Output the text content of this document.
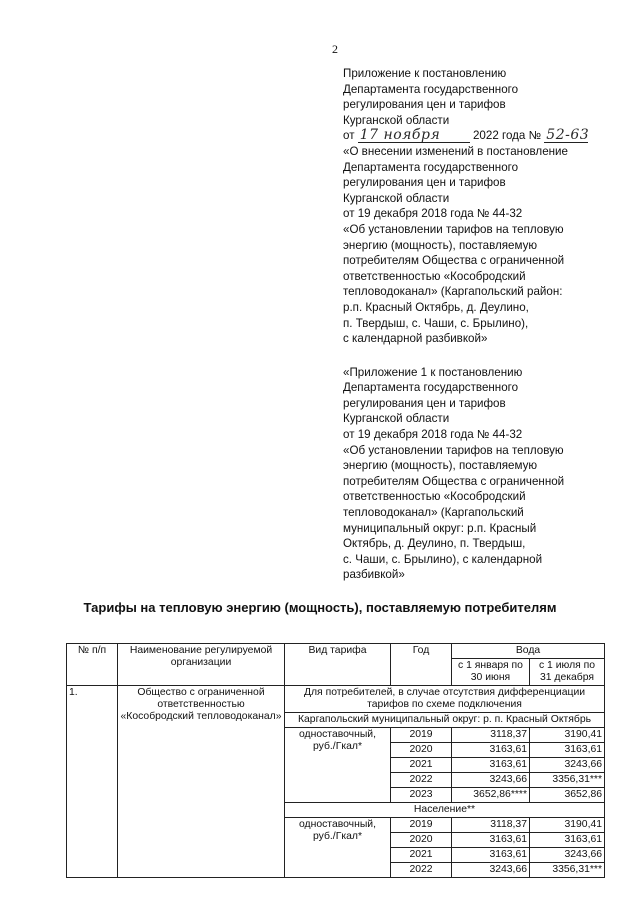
2
Приложение к постановлению
Департамента государственного
регулирования цен и тарифов
Курганской области
от 17 ноября	2022 года № 52-63
«О внесении изменений в постановление
Департамента государственного
регулирования цен и тарифов
Курганской области
от 19 декабря 2018 года № 44-32
«Об установлении тарифов на тепловую
энергию (мощность), поставляемую
потребителям Общества с ограниченной
ответственностью «Кособродский
тепловодоканал» (Каргапольский район:
р.п. Красный Октябрь, д. Деулино,
п. Твердыш, с. Чаши, с. Брылино),
с календарной разбивкой»
«Приложение 1 к постановлению
Департамента государственного
регулирования цен и тарифов
Курганской области
от 19 декабря 2018 года № 44-32
«Об установлении тарифов на тепловую
энергию (мощность), поставляемую
потребителям Общества с ограниченной
ответственностью «Кособродский
тепловодоканал» (Каргапольский
муниципальный округ: р.п. Красный
Октябрь, д. Деулино, п. Твердыш,
с. Чаши, с. Брылино), с календарной
разбивкой»
Тарифы на тепловую энергию (мощность), поставляемую потребителям
№ п/п	Наименование регулируемой организации	Вид тарифа	Год	Вода	
				с 1 января по 30 июня	с 1 июля по 31 декабря
1.	Общество с ограниченной ответственностью «Кособродский тепловодоканал»	Для потребителей, в случае отсутствия дифференциации тарифов по схеме подключения			
		Каргапольский муниципальный округ: р. п. Красный Октябрь			
		одноставочный, руб./Гкал*	2019	3118,37	3190,41
			2020	3163,61	3163,61
			2021	3163,61	3243,66
			2022	3243,66	3356,31***
			2023	3652,86****	3652,86
		Население**			
		одноставочный, руб./Гкал*	2019	3118,37	3190,41
			2020	3163,61	3163,61
			2021	3163,61	3243,66
			2022	3243,66	3356,31***
